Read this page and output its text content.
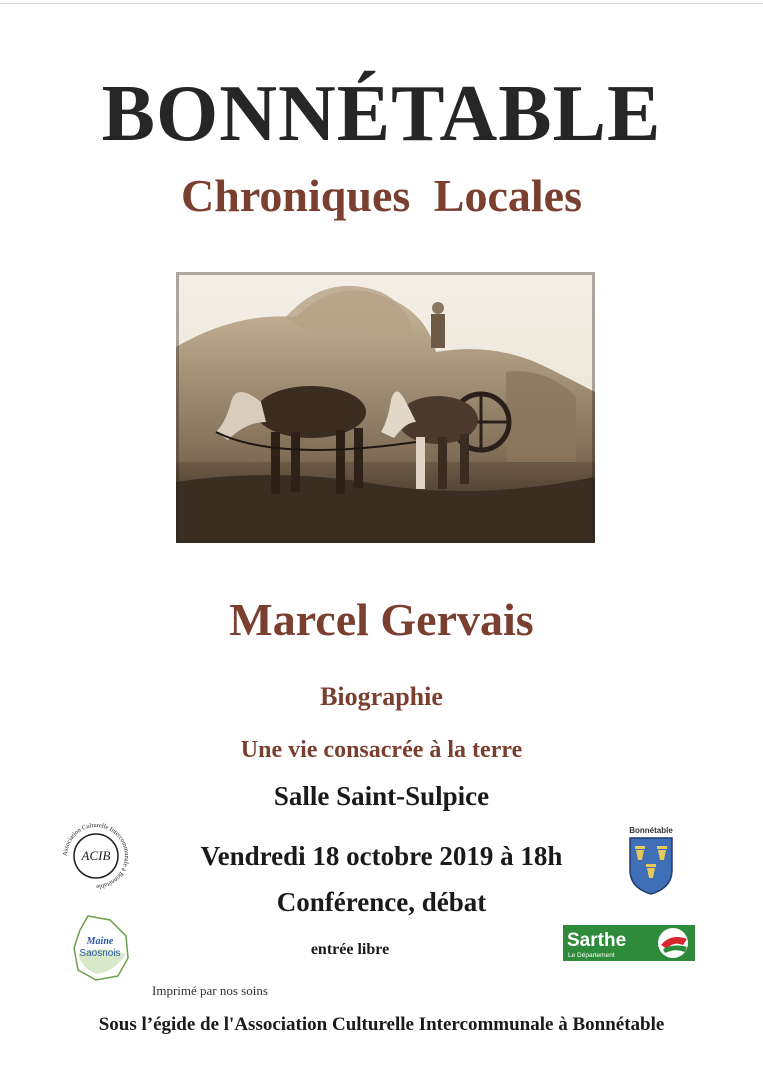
BONNÉTABLE
Chroniques Locales
Marcel Gervais

Biographie

Une vie consacrée à la terre

Salle Saint-Sulpice

Vendredi 18 octobre 2019 à 18h

Conférence, débat

entrée libre

Imprimé par nos soins

Sous l’égide de l'Association Culturelle Intercommunale à Bonnétable

Association Culturelle Intercommunale à Bonnétable
ACIB
Maine
Saosnois
Bonnétable
Sarthe
Le Département
